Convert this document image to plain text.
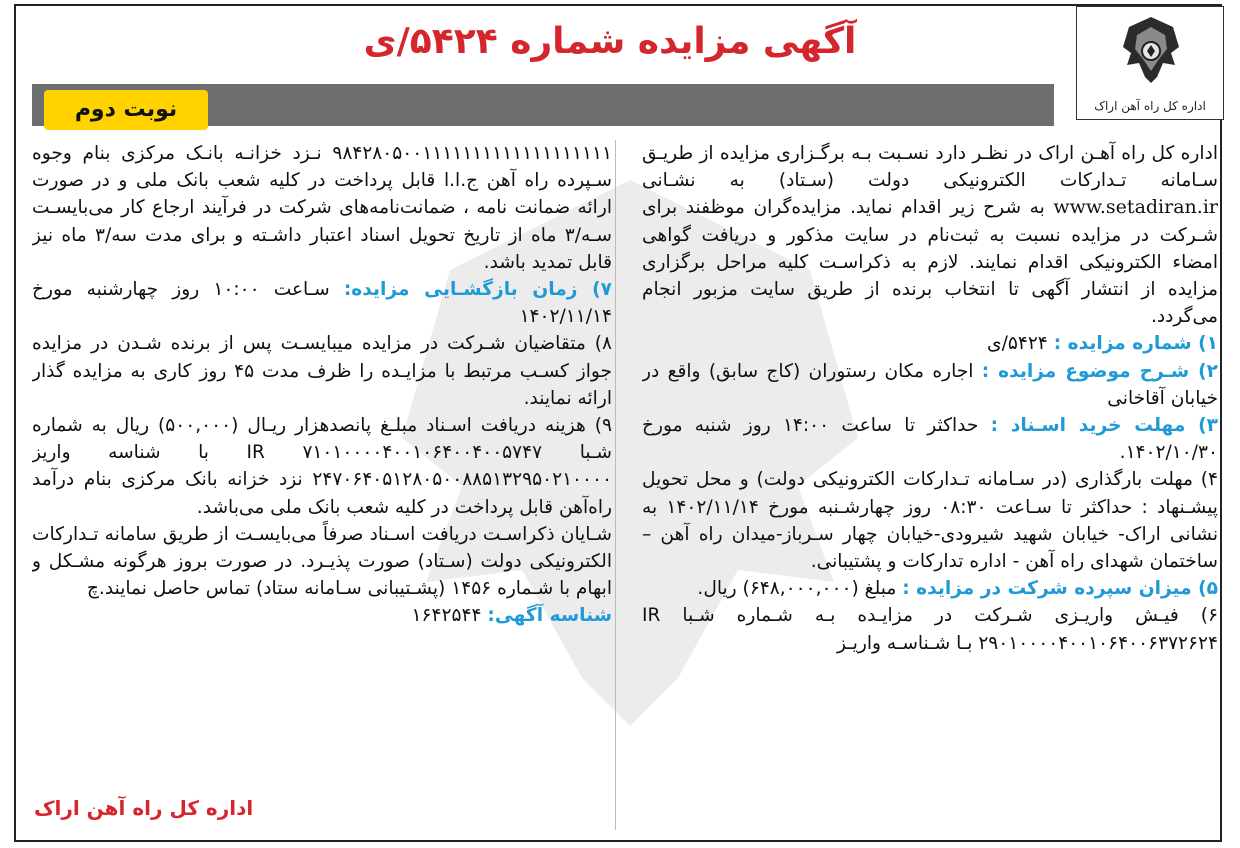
اداره کل راه آهن اراک
آگهی مزایده شماره ۵۴۲۴/ی
نوبت دوم

اداره کل راه آهـن اراک در نظـر دارد نسـبت بـه برگـزاری مزایده از طریـق سـامانه تـدارکات الکترونیکی دولت (سـتاد) به نشـانی www.setadiran.ir به شرح زیر اقدام نماید. مزایده‌گران موظفند برای شـرکت در مزایده نسبت به ثبت‌نام در سایت مذکور و دریافت گواهی امضاء الکترونیکی اقدام نمایند. لازم به ذکراسـت کلیه مراحل برگزاری مزایده از انتشار آگهی تا انتخاب برنده از طریق سایت مزبور انجام می‌گردد.

۱) شماره مزایده : ۵۴۲۴/ی

۲) شـرح موضوع مزایده : اجاره مکان رستوران (کاج سابق) واقع در خیابان آقاخانی

۳) مهلت خرید اسـناد : حداکثر تا ساعت ۱۴:۰۰ روز شنبه مورخ ۱۴۰۲/۱۰/۳۰.

۴) مهلت بارگذاری (در سـامانه تـدارکات الکترونیکی دولت) و محل تحویل پیشـنهاد : حداکثر تا سـاعت ۰۸:۳۰ روز چهارشـنبه مورخ ۱۴۰۲/۱۱/۱۴ به نشانی اراک- خیابان شهید شیرودی-خیابان چهار سـرباز-میدان راه آهن – ساختمان شهدای راه آهن - اداره تدارکات و پشتیبانی.

۵) میزان سپرده شرکت در مزایده : مبلغ (۶۴۸,۰۰۰,۰۰۰) ریال.

۶) فیـش واریـزی شـرکت در مزایـده بـه شـماره شـبا IR ۲۹۰۱۰۰۰۰۴۰۰۱۰۶۴۰۰۶۳۷۲۶۲۴ بـا شـناسـه واریـز

۹۸۴۲۸۰۵۰۰۱۱۱۱۱۱۱۱۱۱۱۱۱۱۱۱۱۱۱ نـزد خزانـه بانـک مرکزی بنام وجوه سـپرده راه آهن ج.ا.ا قابل پرداخت در کلیه شعب بانک ملی و در صورت ارائه ضمانت نامه ، ضمانت‌نامه‌های شرکت در فرآیند ارجاع کار می‌بایسـت سـه/۳ ماه از تاریخ تحویل اسناد اعتبار داشـته و برای مدت سه/۳ ماه نیز قابل تمدید باشد.

۷) زمان بازگشـایی مزایده: سـاعت ۱۰:۰۰ روز چهارشنبه مورخ ۱۴۰۲/۱۱/۱۴

۸) متقاضیان شـرکت در مزایده میبایسـت پس از برنده شـدن در مزایده جواز کسـب مرتبط با مزایـده را ظرف مدت ۴۵ روز کاری به مزایده گذار ارائه نمایند.

۹) هزینه دریافت اسـناد مبلـغ پانصدهزار ریـال (۵۰۰,۰۰۰) ریال به شماره شـبا IR ۷۱۰۱۰۰۰۰۴۰۰۱۰۶۴۰۰۴۰۰۵۷۴۷ با شناسه واریز ۲۴۷۰۶۴۰۵۱۲۸۰۵۰۰۸۸۵۱۳۲۹۵۰۲۱۰۰۰۰ نزد خزانه بانک مرکزی بنام درآمد راه‌آهن قابل پرداخت در کلیه شعب بانک ملی می‌باشد.

شـایان ذکراسـت دریافت اسـناد صرفاً می‌بایسـت از طریق سامانه تـدارکات الکترونیکی دولت (سـتاد) صورت پذیـرد. در صورت بروز هرگونه مشـکل و ابهام با شـماره ۱۴۵۶ (پشـتیبانی سـامانه ستاد) تماس حاصل نمایند.چ

شناسه آگهی: ۱۶۴۲۵۴۴

اداره کل راه آهن اراک
